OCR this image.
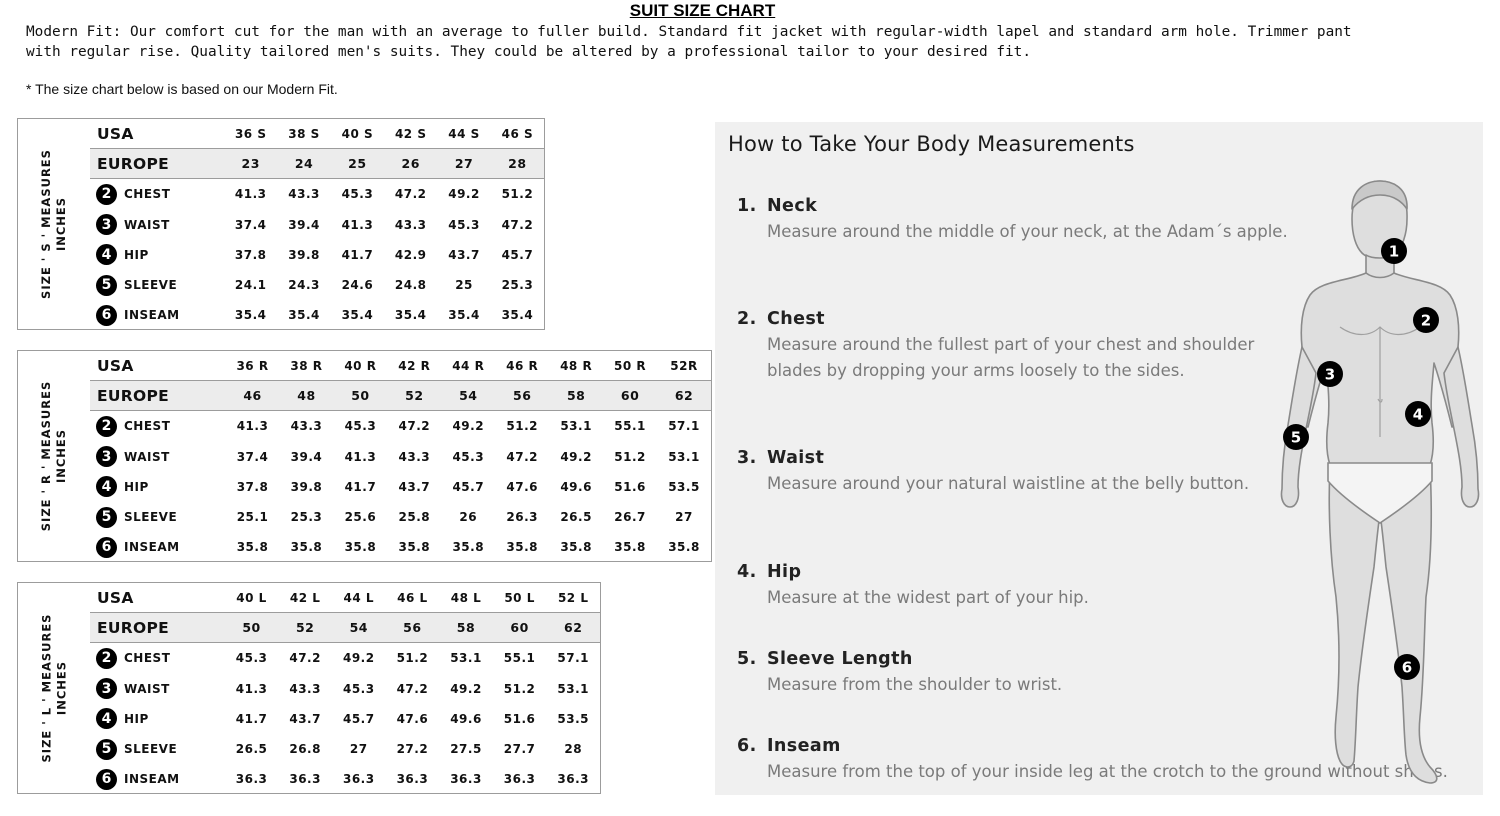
SUIT SIZE CHART
Modern Fit: Our comfort cut for the man with an average to fuller build. Standard fit jacket with regular-width lapel and standard arm hole. Trimmer pant with regular rise. Quality tailored men's suits. They could be altered by a professional tailor to your desired fit.
* The size chart below is based on our Modern Fit.
SIZE ' S ' MEASURES INCHES
USA	36 S	38 S	40 S	42 S	44 S	46 S
EUROPE	23	24	25	26	27	28
2	CHEST	41.3	43.3	45.3	47.2	49.2	51.2
3	WAIST	37.4	39.4	41.3	43.3	45.3	47.2
4	HIP	37.8	39.8	41.7	42.9	43.7	45.7
5	SLEEVE	24.1	24.3	24.6	24.8	25	25.3
6	INSEAM	35.4	35.4	35.4	35.4	35.4	35.4
SIZE ' R ' MEASURES INCHES
USA	36 R	38 R	40 R	42 R	44 R	46 R	48 R	50 R	52R
EUROPE	46	48	50	52	54	56	58	60	62
2	CHEST	41.3	43.3	45.3	47.2	49.2	51.2	53.1	55.1	57.1
3	WAIST	37.4	39.4	41.3	43.3	45.3	47.2	49.2	51.2	53.1
4	HIP	37.8	39.8	41.7	43.7	45.7	47.6	49.6	51.6	53.5
5	SLEEVE	25.1	25.3	25.6	25.8	26	26.3	26.5	26.7	27
6	INSEAM	35.8	35.8	35.8	35.8	35.8	35.8	35.8	35.8	35.8
SIZE ' L ' MEASURES INCHES
USA	40 L	42 L	44 L	46 L	48 L	50 L	52 L
EUROPE	50	52	54	56	58	60	62
2	CHEST	45.3	47.2	49.2	51.2	53.1	55.1	57.1
3	WAIST	41.3	43.3	45.3	47.2	49.2	51.2	53.1
4	HIP	41.7	43.7	45.7	47.6	49.6	51.6	53.5
5	SLEEVE	26.5	26.8	27	27.2	27.5	27.7	28
6	INSEAM	36.3	36.3	36.3	36.3	36.3	36.3	36.3
How to Take Your Body Measurements
1. Neck
Measure around the middle of your neck, at the Adam´s apple.
2. Chest
Measure around the fullest part of your chest and shoulder blades by dropping your arms loosely to the sides.
3. Waist
Measure around your natural waistline at the belly button.
4. Hip
Measure at the widest part of your hip.
5. Sleeve Length
Measure from the shoulder to wrist.
6. Inseam
Measure from the top of your inside leg at the crotch to the ground without shoes.
1
2
3
4
5
6
